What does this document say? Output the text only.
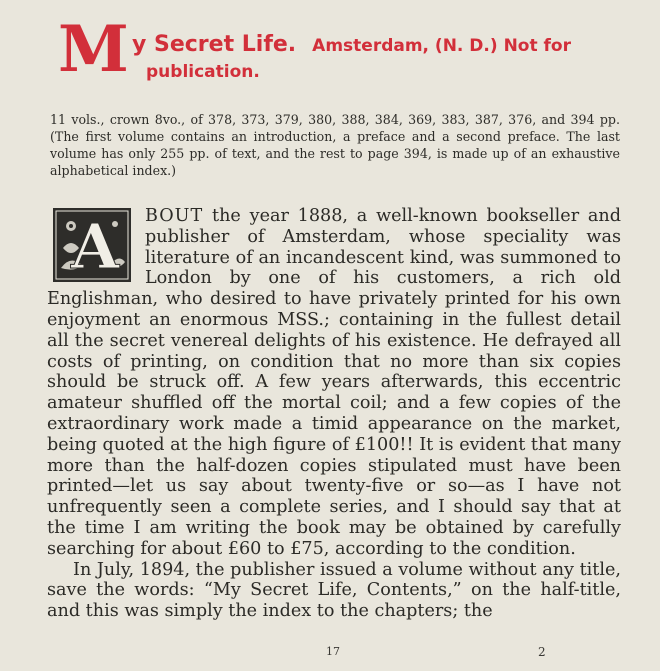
M y Secret Life. Amsterdam, (N. D.) Not for
publication.
11 vols., crown 8vo., of 378, 373, 379, 380, 388, 384, 369, 383, 387, 376, and 394 pp. (The first volume contains an introduction, a preface and a second preface. The last volume has only 255 pp. of text, and the rest to page 394, is made up of an exhaustive alphabetical index.)
A	BOUT the year 1888, a well-known bookseller and publisher of Amsterdam, whose speciality was literature of an incandescent kind, was summoned to London by one of his customers, a rich old Englishman, who desired to have privately printed for his own enjoyment an enormous MSS.; containing in the fullest detail all the secret venereal delights of his existence. He defrayed all costs of printing, on condition that no more than six copies should be struck off. A few years afterwards, this eccentric amateur shuffled off the mortal coil; and a few copies of the extraordinary work made a timid appearance on the market, being quoted at the high figure of £100!! It is evident that many more than the half-dozen copies stipulated must have been printed—let us say about twenty-five or so—as I have not unfrequently seen a complete series, and I should say that at the time I am writing the book may be obtained by carefully searching for about £60 to £75, according to the condition.

In July, 1894, the publisher issued a volume without any title, save the words: “My Secret Life, Contents,” on the half-title, and this was simply the index to the chapters; the

17	2
